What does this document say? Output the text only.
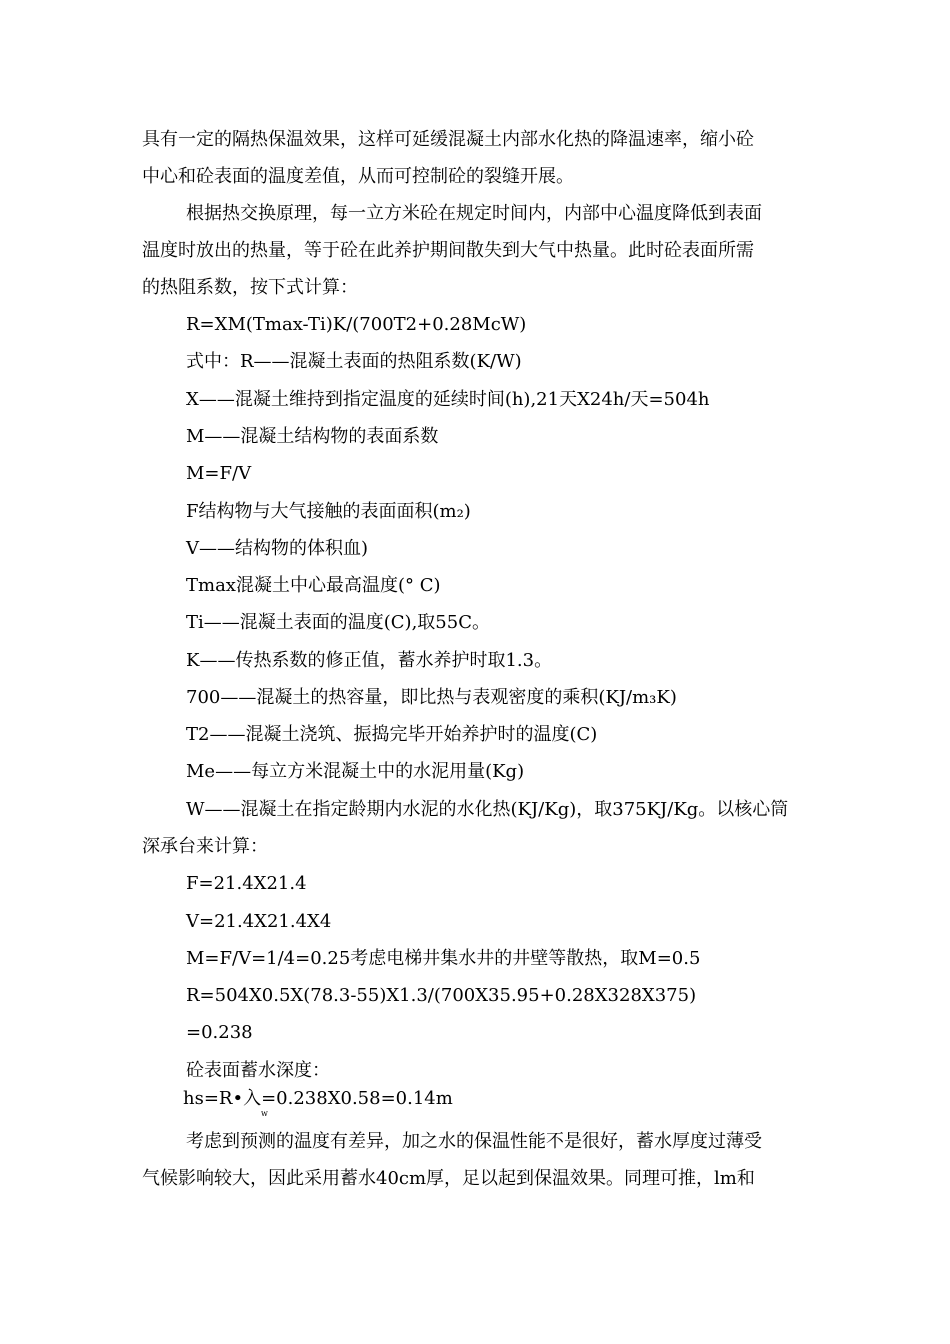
具有一定的隔热保温效果，这样可延缓混凝土内部水化热的降温速率，缩小砼
中心和砼表面的温度差值，从而可控制砼的裂缝开展。
根据热交换原理，每一立方米砼在规定时间内，内部中心温度降低到表面
温度时放出的热量，等于砼在此养护期间散失到大气中热量。此时砼表面所需
的热阻系数，按下式计算：
R=XM(Tmax-Ti)K/(700T2+0.28McW)
式中：R——混凝土表面的热阻系数(K/W)
X——混凝土维持到指定温度的延续时间(h),21天X24h/天=504h
M——混凝土结构物的表面系数
M=F/V
F结构物与大气接触的表面面积(m₂)
V——结构物的体积血)
Tmax混凝土中心最高温度(° C)
Ti——混凝土表面的温度(C),取55C。
K——传热系数的修正值，蓄水养护时取1.3。
700——混凝土的热容量，即比热与表观密度的乘积(KJ/m₃K)
T2——混凝土浇筑、振捣完毕开始养护时的温度(C)
Me——每立方米混凝土中的水泥用量(Kg)
W——混凝土在指定龄期内水泥的水化热(KJ/Kg)，取375KJ/Kg。以核心筒
深承台来计算：
F=21.4X21.4
V=21.4X21.4X4
M=F/V=1/4=0.25考虑电梯井集水井的井壁等散热，取M=0.5
R=504X0.5X(78.3-55)X1.3/(700X35.95+0.28X328X375)
=0.238
砼表面蓄水深度：
hs=R•入=0.238X0.58=0.14m
w
考虑到预测的温度有差异，加之水的保温性能不是很好，蓄水厚度过薄受
气候影响较大，因此采用蓄水40cm厚，足以起到保温效果。同理可推，lm和
